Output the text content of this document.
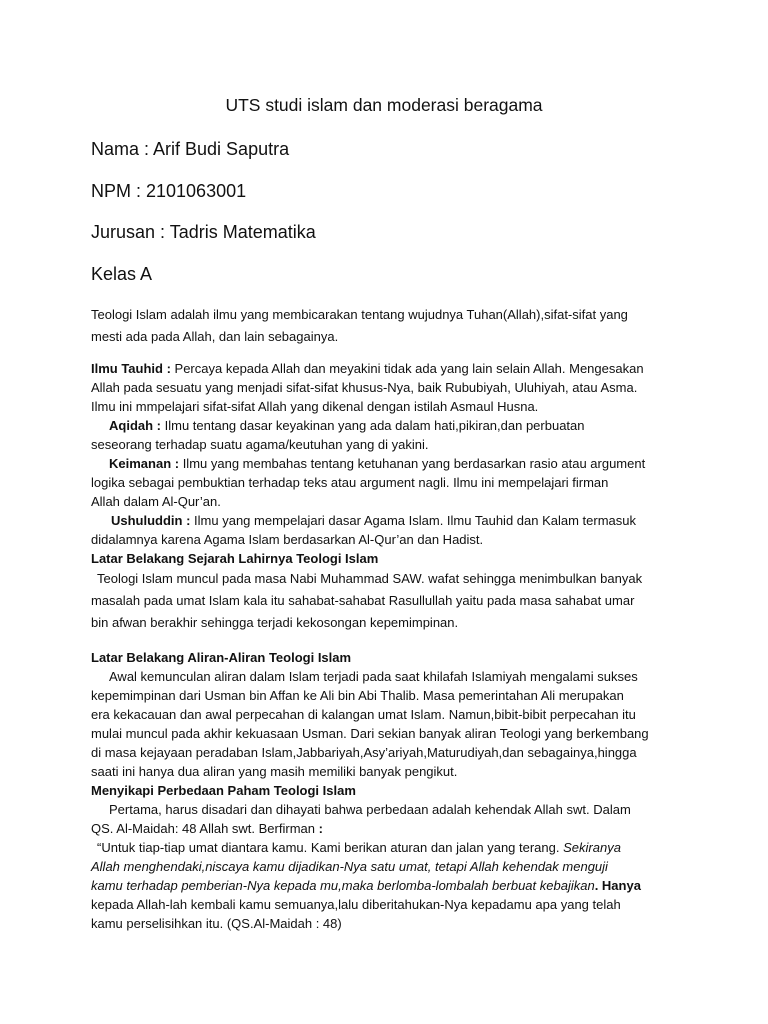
UTS studi islam dan moderasi beragama

Nama : Arif Budi Saputra

NPM : 2101063001

Jurusan : Tadris Matematika

Kelas A

Teologi Islam adalah ilmu yang membicarakan tentang wujudnya Tuhan(Allah),sifat-sifat yang

mesti ada pada Allah, dan lain sebagainya.

Ilmu Tauhid : Percaya kepada Allah dan meyakini tidak ada yang lain selain Allah. Mengesakan

Allah pada sesuatu yang menjadi sifat-sifat khusus-Nya, baik Rububiyah, Uluhiyah, atau Asma.

Ilmu ini mmpelajari sifat-sifat Allah yang dikenal dengan istilah Asmaul Husna.

Aqidah : Ilmu tentang dasar keyakinan yang ada dalam hati,pikiran,dan perbuatan

seseorang terhadap suatu agama/keutuhan yang di yakini.

Keimanan : Ilmu yang membahas tentang ketuhanan yang berdasarkan rasio atau argument

logika sebagai pembuktian terhadap teks atau argument nagli. Ilmu ini mempelajari firman

Allah dalam Al-Qur’an.

Ushuluddin : Ilmu yang mempelajari dasar Agama Islam. Ilmu Tauhid dan Kalam termasuk

didalamnya karena Agama Islam berdasarkan Al-Qur’an dan Hadist.

Latar Belakang Sejarah Lahirnya Teologi Islam

Teologi Islam muncul pada masa Nabi Muhammad SAW. wafat sehingga menimbulkan banyak

masalah pada umat Islam kala itu sahabat-sahabat Rasullullah yaitu pada masa sahabat umar

bin afwan berakhir sehingga terjadi kekosongan kepemimpinan.

Latar Belakang Aliran-Aliran Teologi Islam

Awal kemunculan aliran dalam Islam terjadi pada saat khilafah Islamiyah mengalami sukses

kepemimpinan dari Usman bin Affan ke Ali bin Abi Thalib. Masa pemerintahan Ali merupakan

era kekacauan dan awal perpecahan di kalangan umat Islam. Namun,bibit-bibit perpecahan itu

mulai muncul pada akhir kekuasaan Usman. Dari sekian banyak aliran Teologi yang berkembang

di masa kejayaan peradaban Islam,Jabbariyah,Asy’ariyah,Maturudiyah,dan sebagainya,hingga

saati ini hanya dua aliran yang masih memiliki banyak pengikut.

Menyikapi Perbedaan Paham Teologi Islam

Pertama, harus disadari dan dihayati bahwa perbedaan adalah kehendak Allah swt. Dalam

QS. Al-Maidah: 48 Allah swt. Berfirman :

“Untuk tiap-tiap umat diantara kamu. Kami berikan aturan dan jalan yang terang. Sekiranya

Allah menghendaki,niscaya kamu dijadikan-Nya satu umat, tetapi Allah kehendak menguji

kamu terhadap pemberian-Nya kepada mu,maka berlomba-lombalah berbuat kebajikan. Hanya

kepada Allah-lah kembali kamu semuanya,lalu diberitahukan-Nya kepadamu apa yang telah

kamu perselisihkan itu. (QS.Al-Maidah : 48)
